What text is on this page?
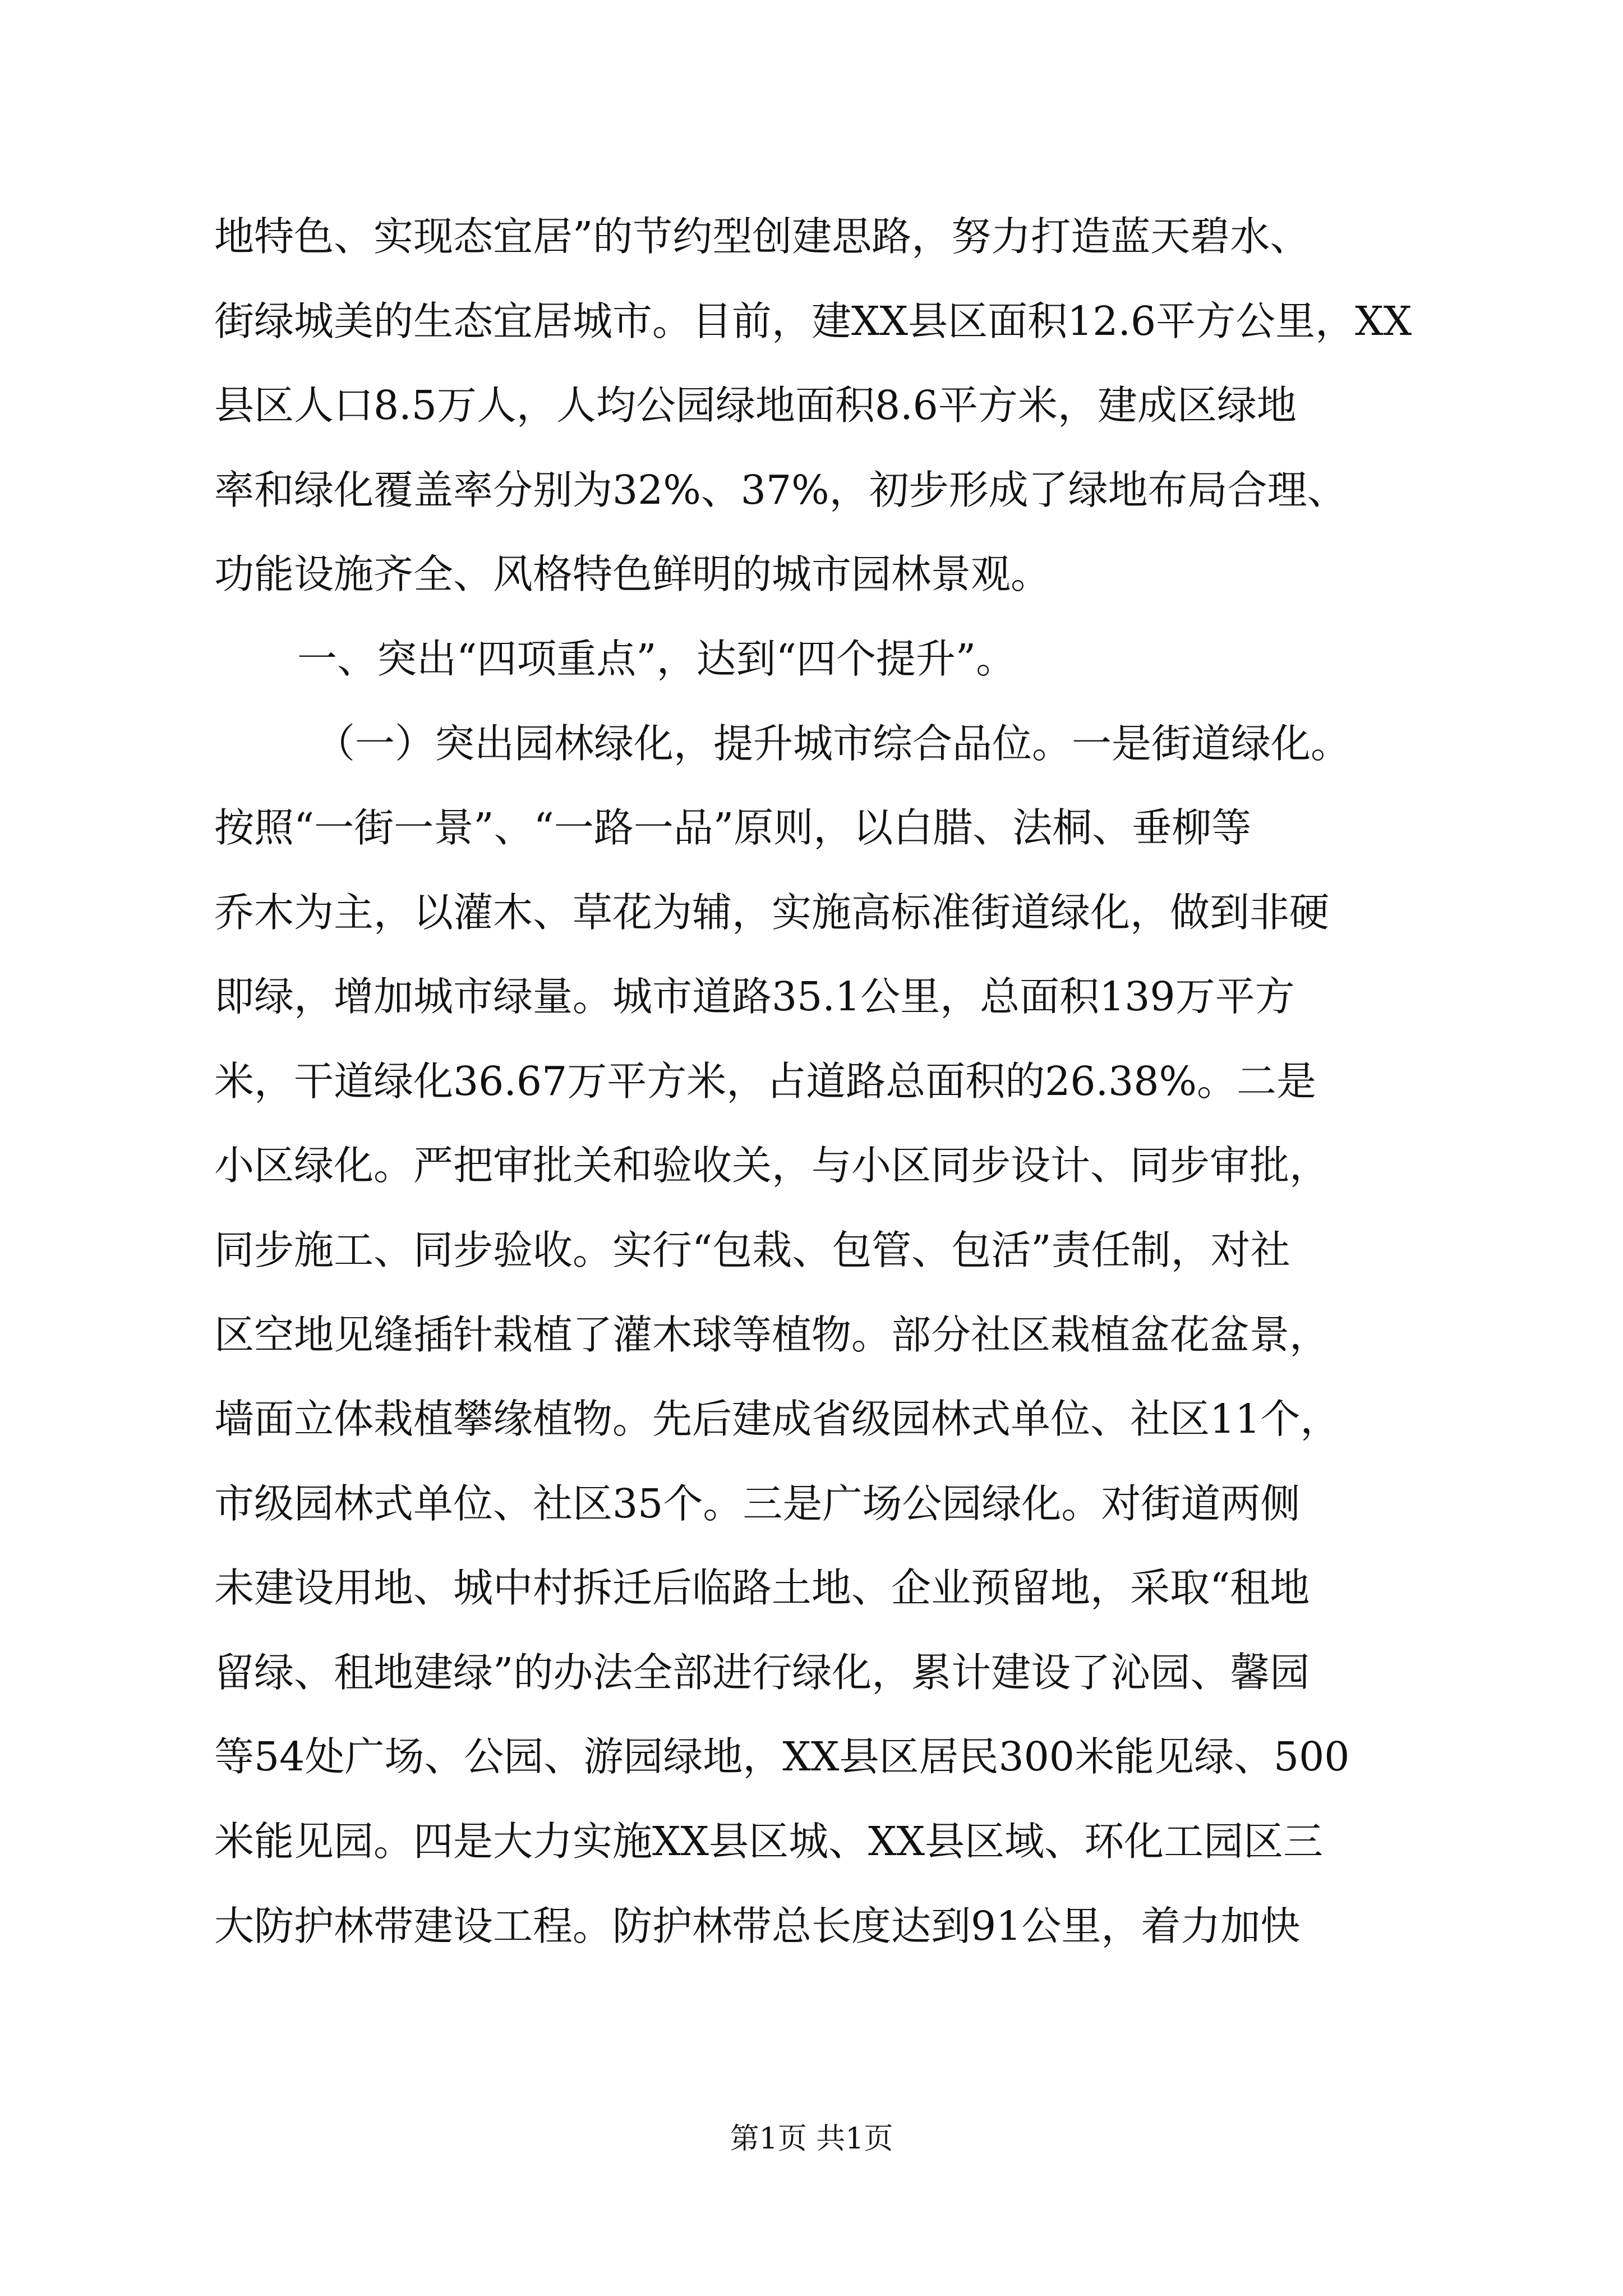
地特色、实现态宜居”的节约型创建思路，努力打造蓝天碧水、
街绿城美的生态宜居城市。目前，建XX县区面积12.6平方公里，XX
县区人口8.5万人，人均公园绿地面积8.6平方米，建成区绿地
率和绿化覆盖率分别为32%、37%，初步形成了绿地布局合理、
功能设施齐全、风格特色鲜明的城市园林景观。
一、突出“四项重点”，达到“四个提升”。
（一）突出园林绿化，提升城市综合品位。一是街道绿化。
按照“一街一景”、“一路一品”原则，以白腊、法桐、垂柳等
乔木为主，以灌木、草花为辅，实施高标准街道绿化，做到非硬
即绿，增加城市绿量。城市道路35.1公里，总面积139万平方
米，干道绿化36.67万平方米，占道路总面积的26.38%。二是
小区绿化。严把审批关和验收关，与小区同步设计、同步审批，
同步施工、同步验收。实行“包栽、包管、包活”责任制，对社
区空地见缝插针栽植了灌木球等植物。部分社区栽植盆花盆景，
墙面立体栽植攀缘植物。先后建成省级园林式单位、社区11个，
市级园林式单位、社区35个。三是广场公园绿化。对街道两侧
未建设用地、城中村拆迁后临路土地、企业预留地，采取“租地
留绿、租地建绿”的办法全部进行绿化，累计建设了沁园、馨园
等54处广场、公园、游园绿地，XX县区居民300米能见绿、500
米能见园。四是大力实施XX县区城、XX县区域、环化工园区三
大防护林带建设工程。防护林带总长度达到91公里，着力加快
第1页 共1页
